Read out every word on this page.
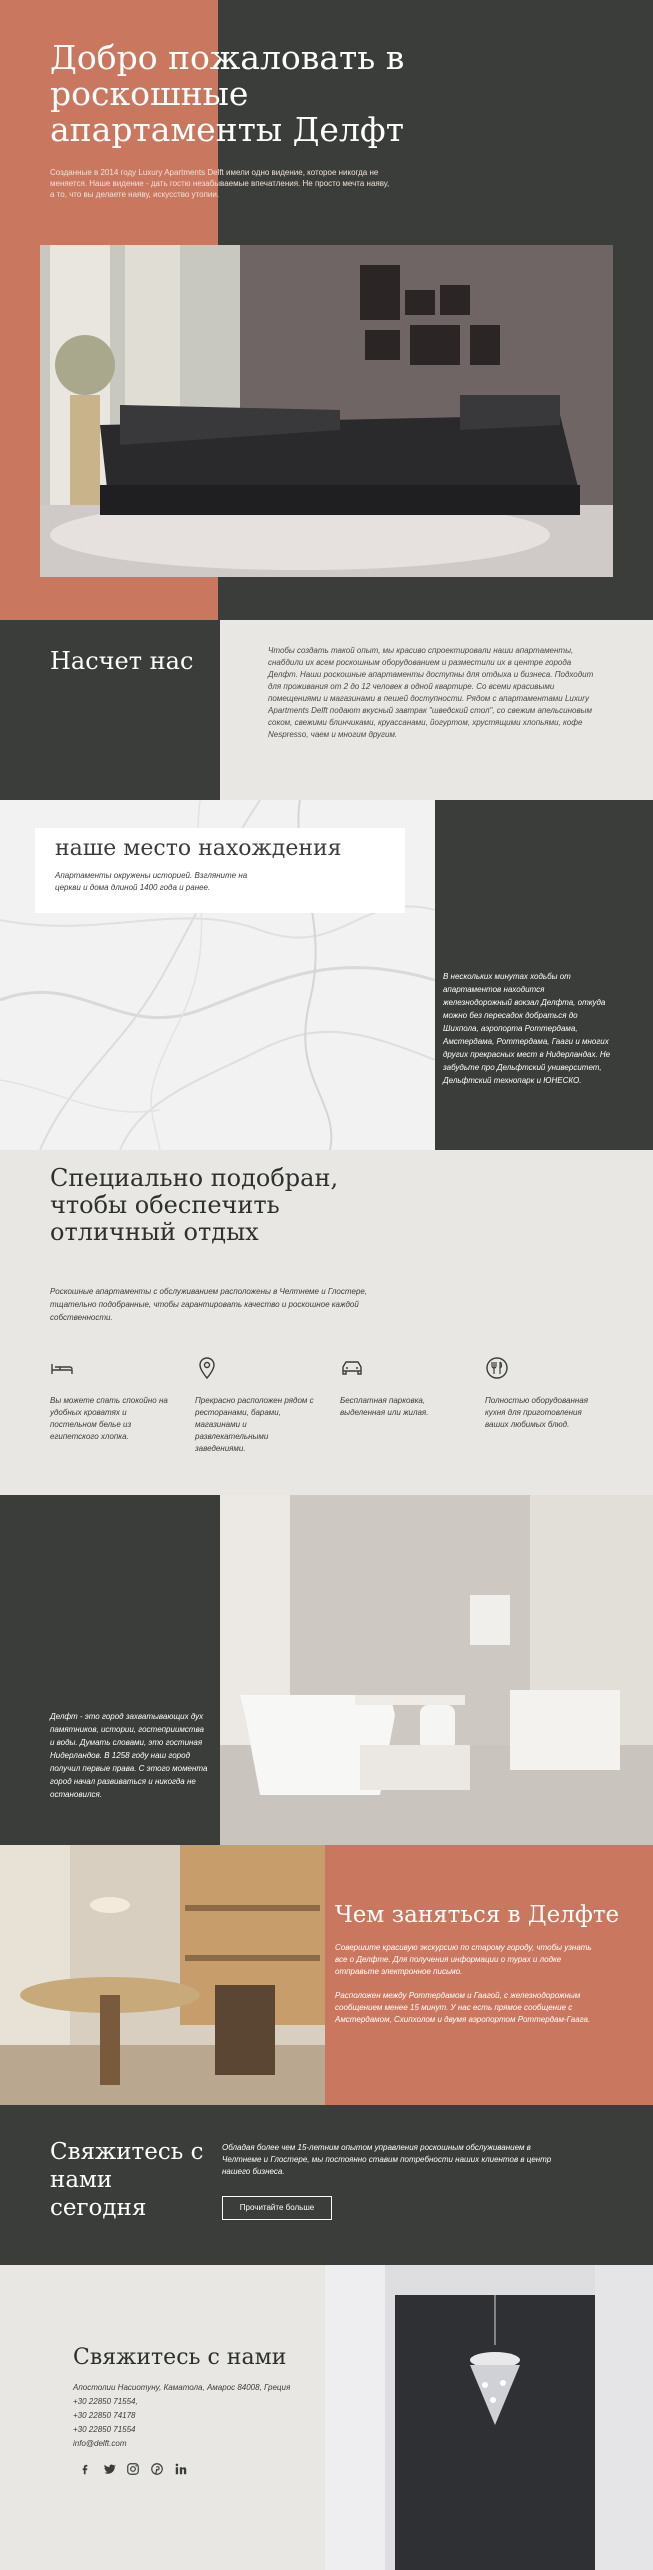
Добро пожаловать в роскошные апартаменты Делфт
Созданные в 2014 году Luxury Apartments Delft имели одно видение, которое никогда не меняется. Наше видение - дать гостю незабываемые впечатления. Не просто мечта наяву, а то, что вы делаете наяву, искусство утопии.
Насчет нас	Чтобы создать такой опыт, мы красиво спроектировали наши апартаменты, снабдили их всем роскошным оборудованием и разместили их в центре города Делфт. Наши роскошные апартаменты доступны для отдыха и бизнеса. Подходит для проживания от 2 до 12 человек в одной квартире. Со всеми красивыми помещениями и магазинами в пешей доступности. Рядом с апартаментами Luxury Apartments Delft подают вкусный завтрак "шведский стол", со свежим апельсиновым соком, свежими блинчиками, круассанами, йогуртом, хрустящими хлопьями, кофе Nespresso, чаем и многим другим.
наше место нахождения
Апартаменты окружены историей. Взгляните на церкви и дома длиной 1400 года и ранее.
В нескольких минутах ходьбы от апартаментов находится железнодорожный вокзал Делфта, откуда можно без пересадок добраться до Шихпола, аэропорта Роттердама, Амстердама, Роттердама, Гааги и многих других прекрасных мест в Нидерландах. Не забудьте про Дельфтский университет, Дельфтский технопарк и ЮНЕСКО.
Специально подобран, чтобы обеспечить отличный отдых
Роскошные апартаменты с обслуживанием расположены в Челтнеме и Глостере, тщательно подобранные, чтобы гарантировать качество и роскошное каждой собственности.
Вы можете спать спокойно на удобных кроватях и постельном белье из египетского хлопка.
Прекрасно расположен рядом с ресторанами, барами, магазинами и развлекательными заведениями.
Бесплатная парковка, выделенная или жилая.
Полностью оборудованная кухня для приготовления ваших любимых блюд.
Делфт - это город захватывающих дух памятников, истории, гостеприимства и воды. Думать словами, это гостиная Нидерландов. В 1258 году наш город получил первые права. С этого момента город начал развиваться и никогда не остановился.
Чем заняться в Делфте
Совершите красивую экскурсию по старому городу, чтобы узнать все о Делфте. Для получения информации о турах и лодке отправьте электронное письмо.
Расположен между Роттердамом и Гаагой, с железнодорожным сообщением менее 15 минут. У нас есть прямое сообщение с Амстердамом, Схипхолом и двумя аэропортом Роттердам-Гаага.
Свяжитесь с нами сегодня
Обладая более чем 15-летним опытом управления роскошным обслуживанием в Челтнеме и Глостере, мы постоянно ставим потребности наших клиентов в центр нашего бизнеса.
Прочитайте больше
Свяжитесь с нами
Апостолии Насиотуну, Каматола, Амарос 84008, Греция
+30 22850 71554,
+30 22850 74178
+30 22850 71554
info@delft.com
